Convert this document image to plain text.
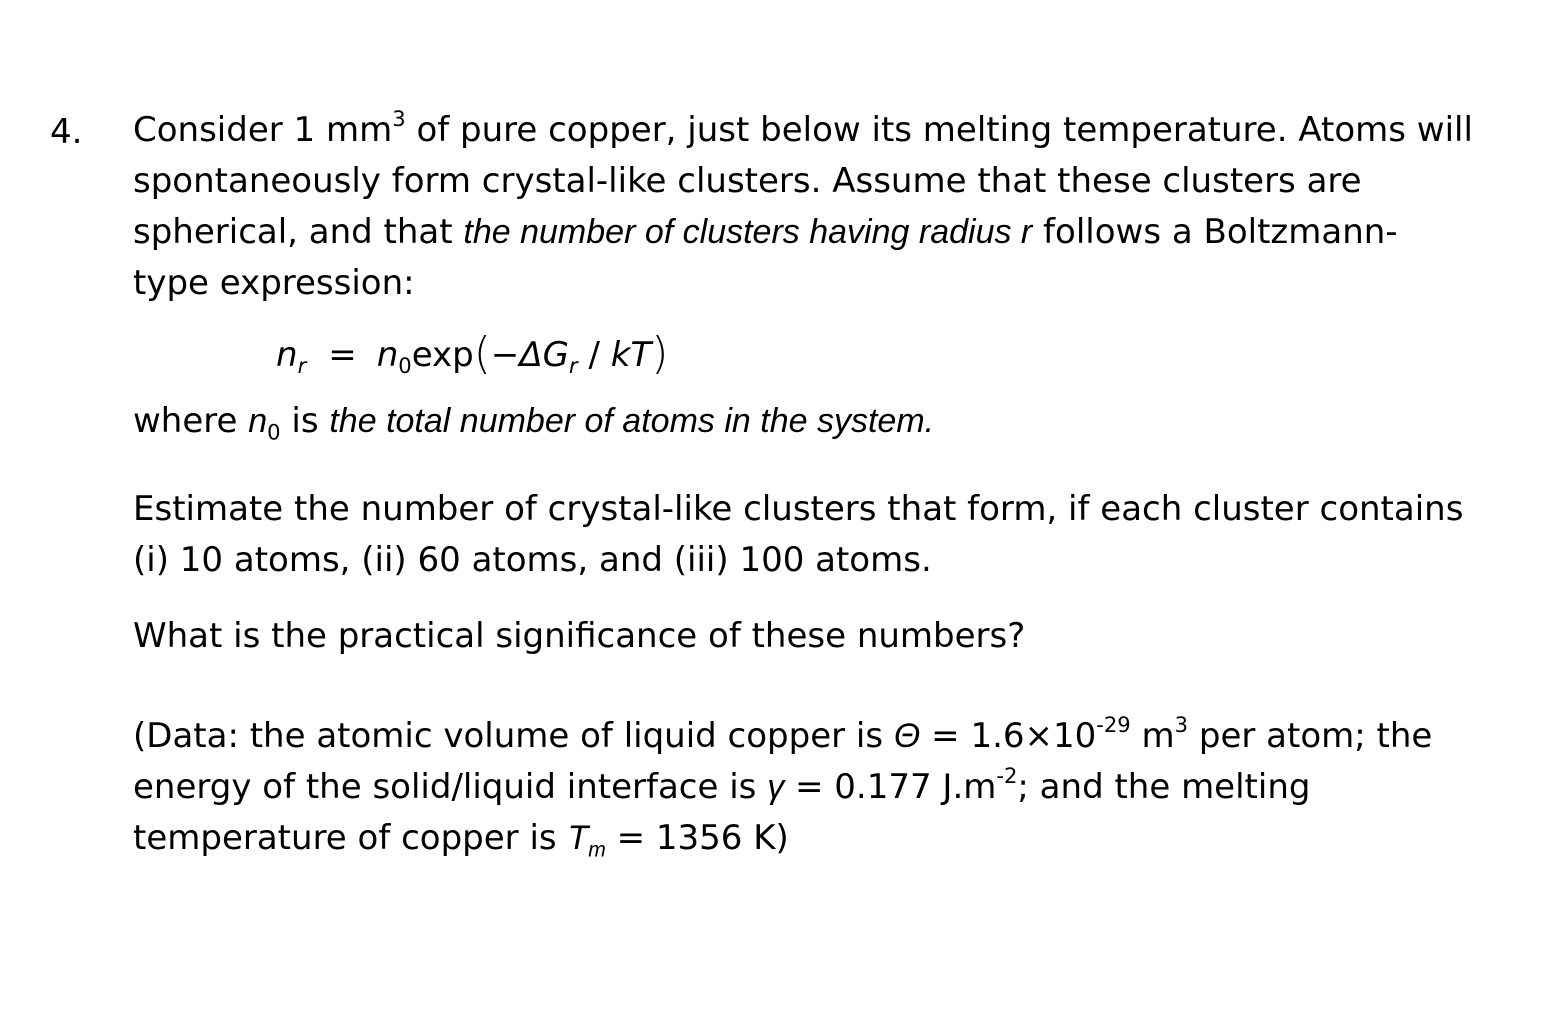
4. Consider 1 $mm^3$ of pure copper, just below its melting temperature. Atoms will
spontaneously form crystal-like clusters. Assume that these clusters are
spherical, and that the number of clusters having radius r follows a Boltzmann-
type expression:
$n_r = n_0\exp(-\Delta G_r / kT)$
where $n_0$ is the total number of atoms in the system.
Estimate the number of crystal-like clusters that form, if each cluster contains
(i) 10 atoms, (ii) 60 atoms, and (iii) 100 atoms.
What is the practical significance of these numbers?
(Data: the atomic volume of liquid copper is $\Theta = 1.6\times 10^{-29}$ $m^3$ per atom; the
energy of the solid/liquid interface is γ = 0.177 $J.m^{-2}$; and the melting
temperature of copper is $T_m = 1356$ K)
